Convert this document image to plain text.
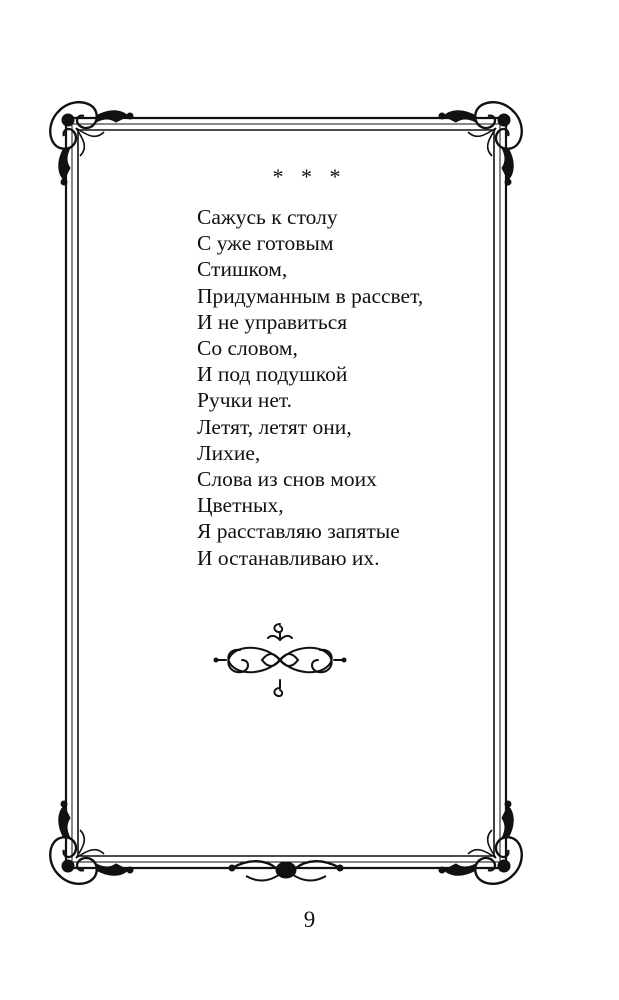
* * *
Сажусь к столу
С уже готовым
Стишком,
Придуманным в рассвет,
И не управиться
Со словом,
И под подушкой
Ручки нет.
Летят, летят они,
Лихие,
Слова из снов моих
Цветных,
Я расставляю запятые
И останавливаю их.
9
